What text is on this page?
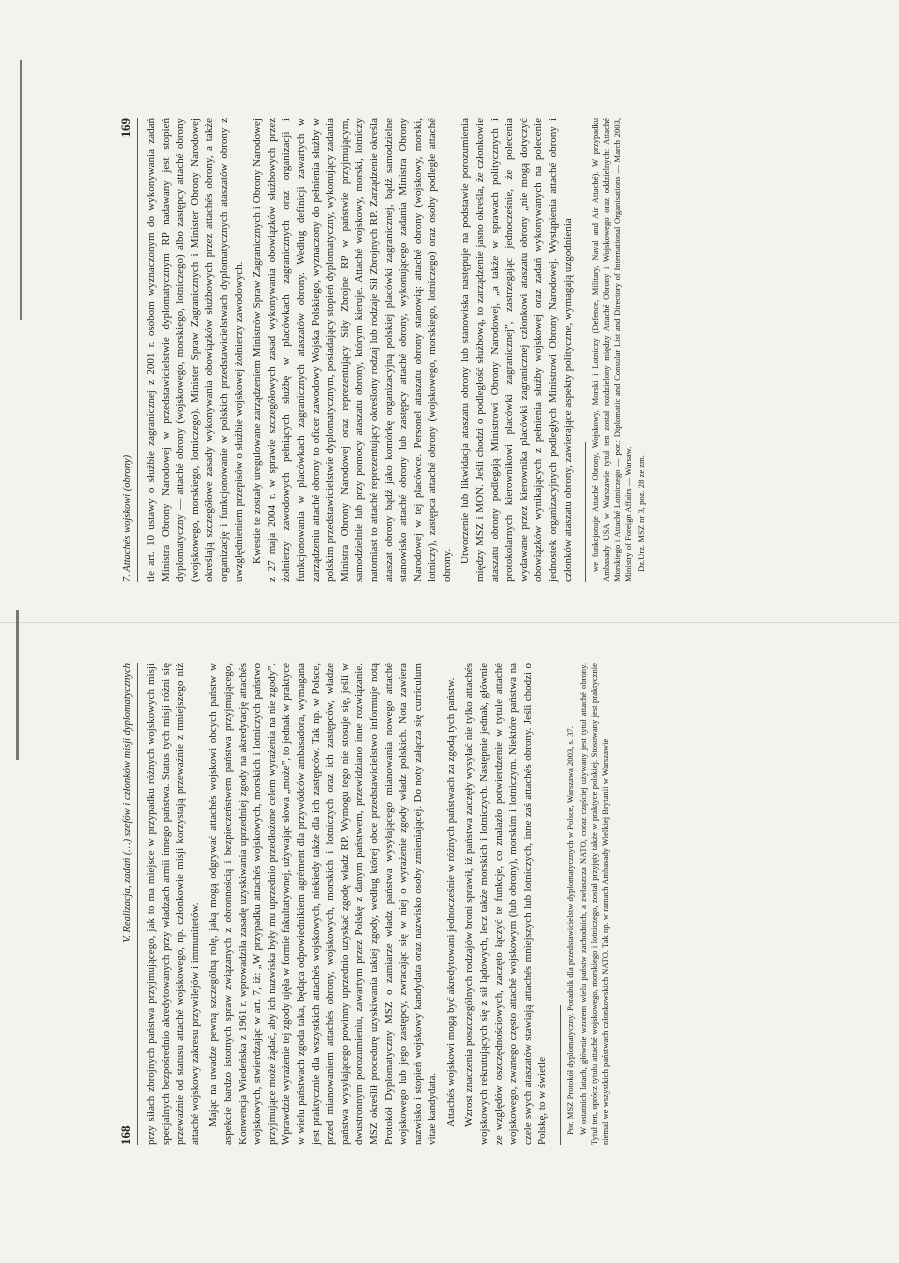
168
V. Realizacja, zadań (…) szefów i członków misji dyplomatycznych przy siłach zbrojnych państwa przyjmującego, jak to ma miejsce w przypadku różnych wojskowych misji specjalnych bezpośrednio akredytowanych przy władzach armii innego państwa. Status tych misji różni się przeważnie od statusu attaché wojskowego, np. członkowie misji korzystają przeważnie z mniejszego niż attaché wojskowy zakresu przywilejów i immunitetów. Mając na uwadze pewną szczególną rolę, jaką mogą odgrywać attachés wojskowi obcych państw w aspekcie bardzo istotnych spraw związanych z obronnością i bezpieczeństwem państwa przyjmującego, Konwencja Wiedeńska z 1961 r. wprowadziła zasadę uzyskiwania uprzedniej zgody na akredytację attachés wojskowych, stwierdzając w art. 7, iż: „W przypadku attachés wojskowych, morskich i lotniczych państwo przyjmujące może żądać, aby ich nazwiska były mu uprzednio przedłożone celem wyrażenia na nie zgody”. Wprawdzie wyrażenie tej zgody ujęła w formie fakultatywnej, używając słowa „może”, to jednak w praktyce w wielu państwach zgoda taka, będąca odpowiednikiem agrément dla przywódców ambasadora, wymagana jest praktycznie dla wszystkich attachés wojskowych, niekiedy także dla ich zastępców. Tak np. w Polsce, przed mianowaniem attachés obrony, wojskowych, morskich i lotniczych oraz ich zastępców, władze państwa wysyłającego powinny uprzednio uzyskać zgodę władz RP. Wymogu tego nie stosuje się, jeśli w dwustronnym porozumieniu, zawartym przez Polskę z danym państwem, przewidziano inne rozwiązanie. MSZ określił procedurę uzyskiwania takiej zgody, według której obce przedstawicielstwo informuje notą Protokół Dyplomatyczny MSZ o zamiarze władz państwa wysyłającego mianowania nowego attaché wojskowego lub jego zastępcy, zwracając się w niej o wyrażenie zgody władz polskich. Nota zawiera nazwisko i stopień wojskowy kandydata oraz nazwisko osoby zmieniającej. Do noty załącza się curriculum vitae kandydata. Attachés wojskowi mogą być akredytowani jednocześnie w różnych państwach za zgodą tych państw. Wzrost znaczenia poszczególnych rodzajów broni sprawił, iż państwa zaczęły wysyłać nie tylko attachés wojskowych rekrutujących się z sił lądowych, lecz także morskich i lotniczych. Następnie jednak, głównie ze względów oszczędnościowych, zaczęto łączyć te funkcje, co znalazło potwierdzenie w tytule attaché wojskowego, zwanego często attaché wojskowym (lub obrony), morskim i lotniczym. Niektóre państwa na czele swych ataszatów stawiają attachés mniejszych lub lotniczych, inne zaś attachés obrony. Jeśli chodzi o Polskę, to w świetle Por. MSZ Protokół dyplomatyczny. Poradnik dla przedstawicielstw dyplomatycznych w Polsce, Warszawa 2003, s. 37. W ostatnich latach, głównie wzorem wielu państw zachodnich, a zwłaszcza NATO, coraz częściej używany jest tytuł attaché obrony. Tytuł ten, oprócz tytułu attaché wojskowego, morskiego i lotniczego, został przyjęty także w praktyce polskiej. Stosowany jest praktycznie niemal we wszystkich państwach członkowskich NATO. Tak np. w ramach Ambasady Wielkiej Brytanii w Warszawie

7. Attachés wojskowi (obrony)
169 tle art. 10 ustawy o służbie zagranicznej z 2001 r. osobom wyznaczonym do wykonywania zadań Ministra Obrony Narodowej w przedstawicielstwie dyplomatycznym RP nadawany jest stopień dyplomatyczny — attaché obrony (wojskowego, morskiego, lotniczego) albo zastępcy attaché obrony (wojskowego, morskiego, lotniczego). Minister Spraw Zagranicznych i Minister Obrony Narodowej określają szczegółowe zasady wykonywania obowiązków służbowych przez attachés obrony, a także organizację i funkcjonowanie w polskich przedstawicielstwach dyplomatycznych ataszatów obrony z uwzględnieniem przepisów o służbie wojskowej żołnierzy zawodowych. Kwestie te zostały uregulowane zarządzeniem Ministrów Spraw Zagranicznych i Obrony Narodowej z 27 maja 2004 r. w sprawie szczegółowych zasad wykonywania obowiązków służbowych przez żołnierzy zawodowych pełniących służbę w placówkach zagranicznych oraz organizacji i funkcjonowania w placówkach zagranicznych ataszatów obrony. Według definicji zawartych w zarządzeniu attaché obrony to oficer zawodowy Wojska Polskiego, wyznaczony do pełnienia służby w polskim przedstawicielstwie dyplomatycznym, posiadający stopień dyplomatyczny, wykonujący zadania Ministra Obrony Narodowej oraz reprezentujący Siły Zbrojne RP w państwie przyjmującym, samodzielnie lub przy pomocy ataszatu obrony, którym kieruje. Attaché wojskowy, morski, lotniczy natomiast to attaché reprezentujący określony rodzaj lub rodzaje Sił Zbrojnych RP. Zarządzenie określa ataszat obrony bądź jako komórkę organizacyjną polskiej placówki zagranicznej, bądź samodzielne stanowisko attaché obrony lub zastępcy attaché obrony, wykonującego zadania Ministra Obrony Narodowej w tej placówce. Personel ataszatu obrony stanowią: attaché obrony (wojskowy, morski, lotniczy), zastępca attaché obrony (wojskowego, morskiego, lotniczego) oraz osoby podległe attaché obrony.

Utworzenie lub likwidacja ataszatu obrony lub stanowiska następuje na podstawie porozumienia między MSZ i MON. Jeśli chodzi o podległość służbową, to zarządzenie jasno określa, że członkowie ataszatu obrony podlegają Ministrowi Obrony Narodowej, „a także w sprawach politycznych i protokolarnych kierownikowi placówki zagranicznej”, zastrzegając jednocześnie, że polecenia wydawane przez kierownika placówki zagranicznej członkowi ataszatu obrony „nie mogą dotyczyć obowiązków wynikających z pełnienia służby wojskowej oraz zadań wykonywanych na polecenie jednostek organizacyjnych podległych Ministrowi Obrony Narodowej. Wystąpienia attaché obrony i członków ataszatu obrony, zawierające aspekty polityczne, wymagają uzgodnienia we funkcjonuje Attaché Obrony, Wojskowy, Morski i Lotniczy (Defence, Military, Naval and Air Attaché). W przypadku Ambasady USA w Warszawie tytuł ten został rozdzielony między Attaché Obrony i Wojskowego oraz oddzielnych: Attaché Morskiego i Attaché Lotniczego — por.: Diplomatic and Consular List and Directory of International Organisations — March 2003, Ministry of Foreign Affairs — Warsaw. Dz.Urz. MSZ nr 3, poz. 28 ze zm.
